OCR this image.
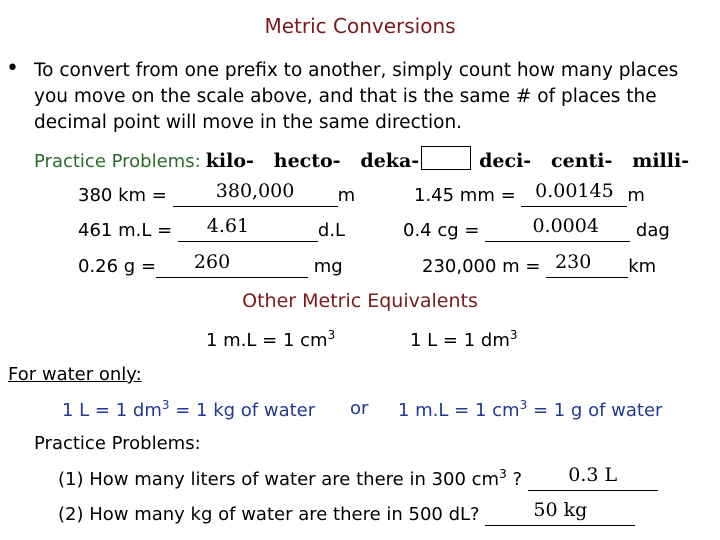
Metric Conversions
• To convert from one prefix to another, simply count how many places
you move on the scale above, and that is the same # of places the
decimal point will move in the same direction.
Practice Problems: kilo-   hecto-   deka-	deci-   centi-   milli-
380 km = 380,000 m
461 m.L = 4.61	d.L
0.26 g = 260	mg
1.45 mm = 0.00145 m
0.4 cg = 0.0004 dag
230,000 m = 230 km
Other Metric Equivalents
1 m.L = 1 $cm^3$	1 L = 1 $dm^3$
For water only:
1 L = 1 $dm^3 = 1$ kg of water or 1 m.L = 1 $cm^3 = 1$ g of water
Practice Problems:
(1) How many liters of water are there in 300 $cm^3$ ? 0.3 L
(2) How many kg of water are there in 500 dL?	50 kg
